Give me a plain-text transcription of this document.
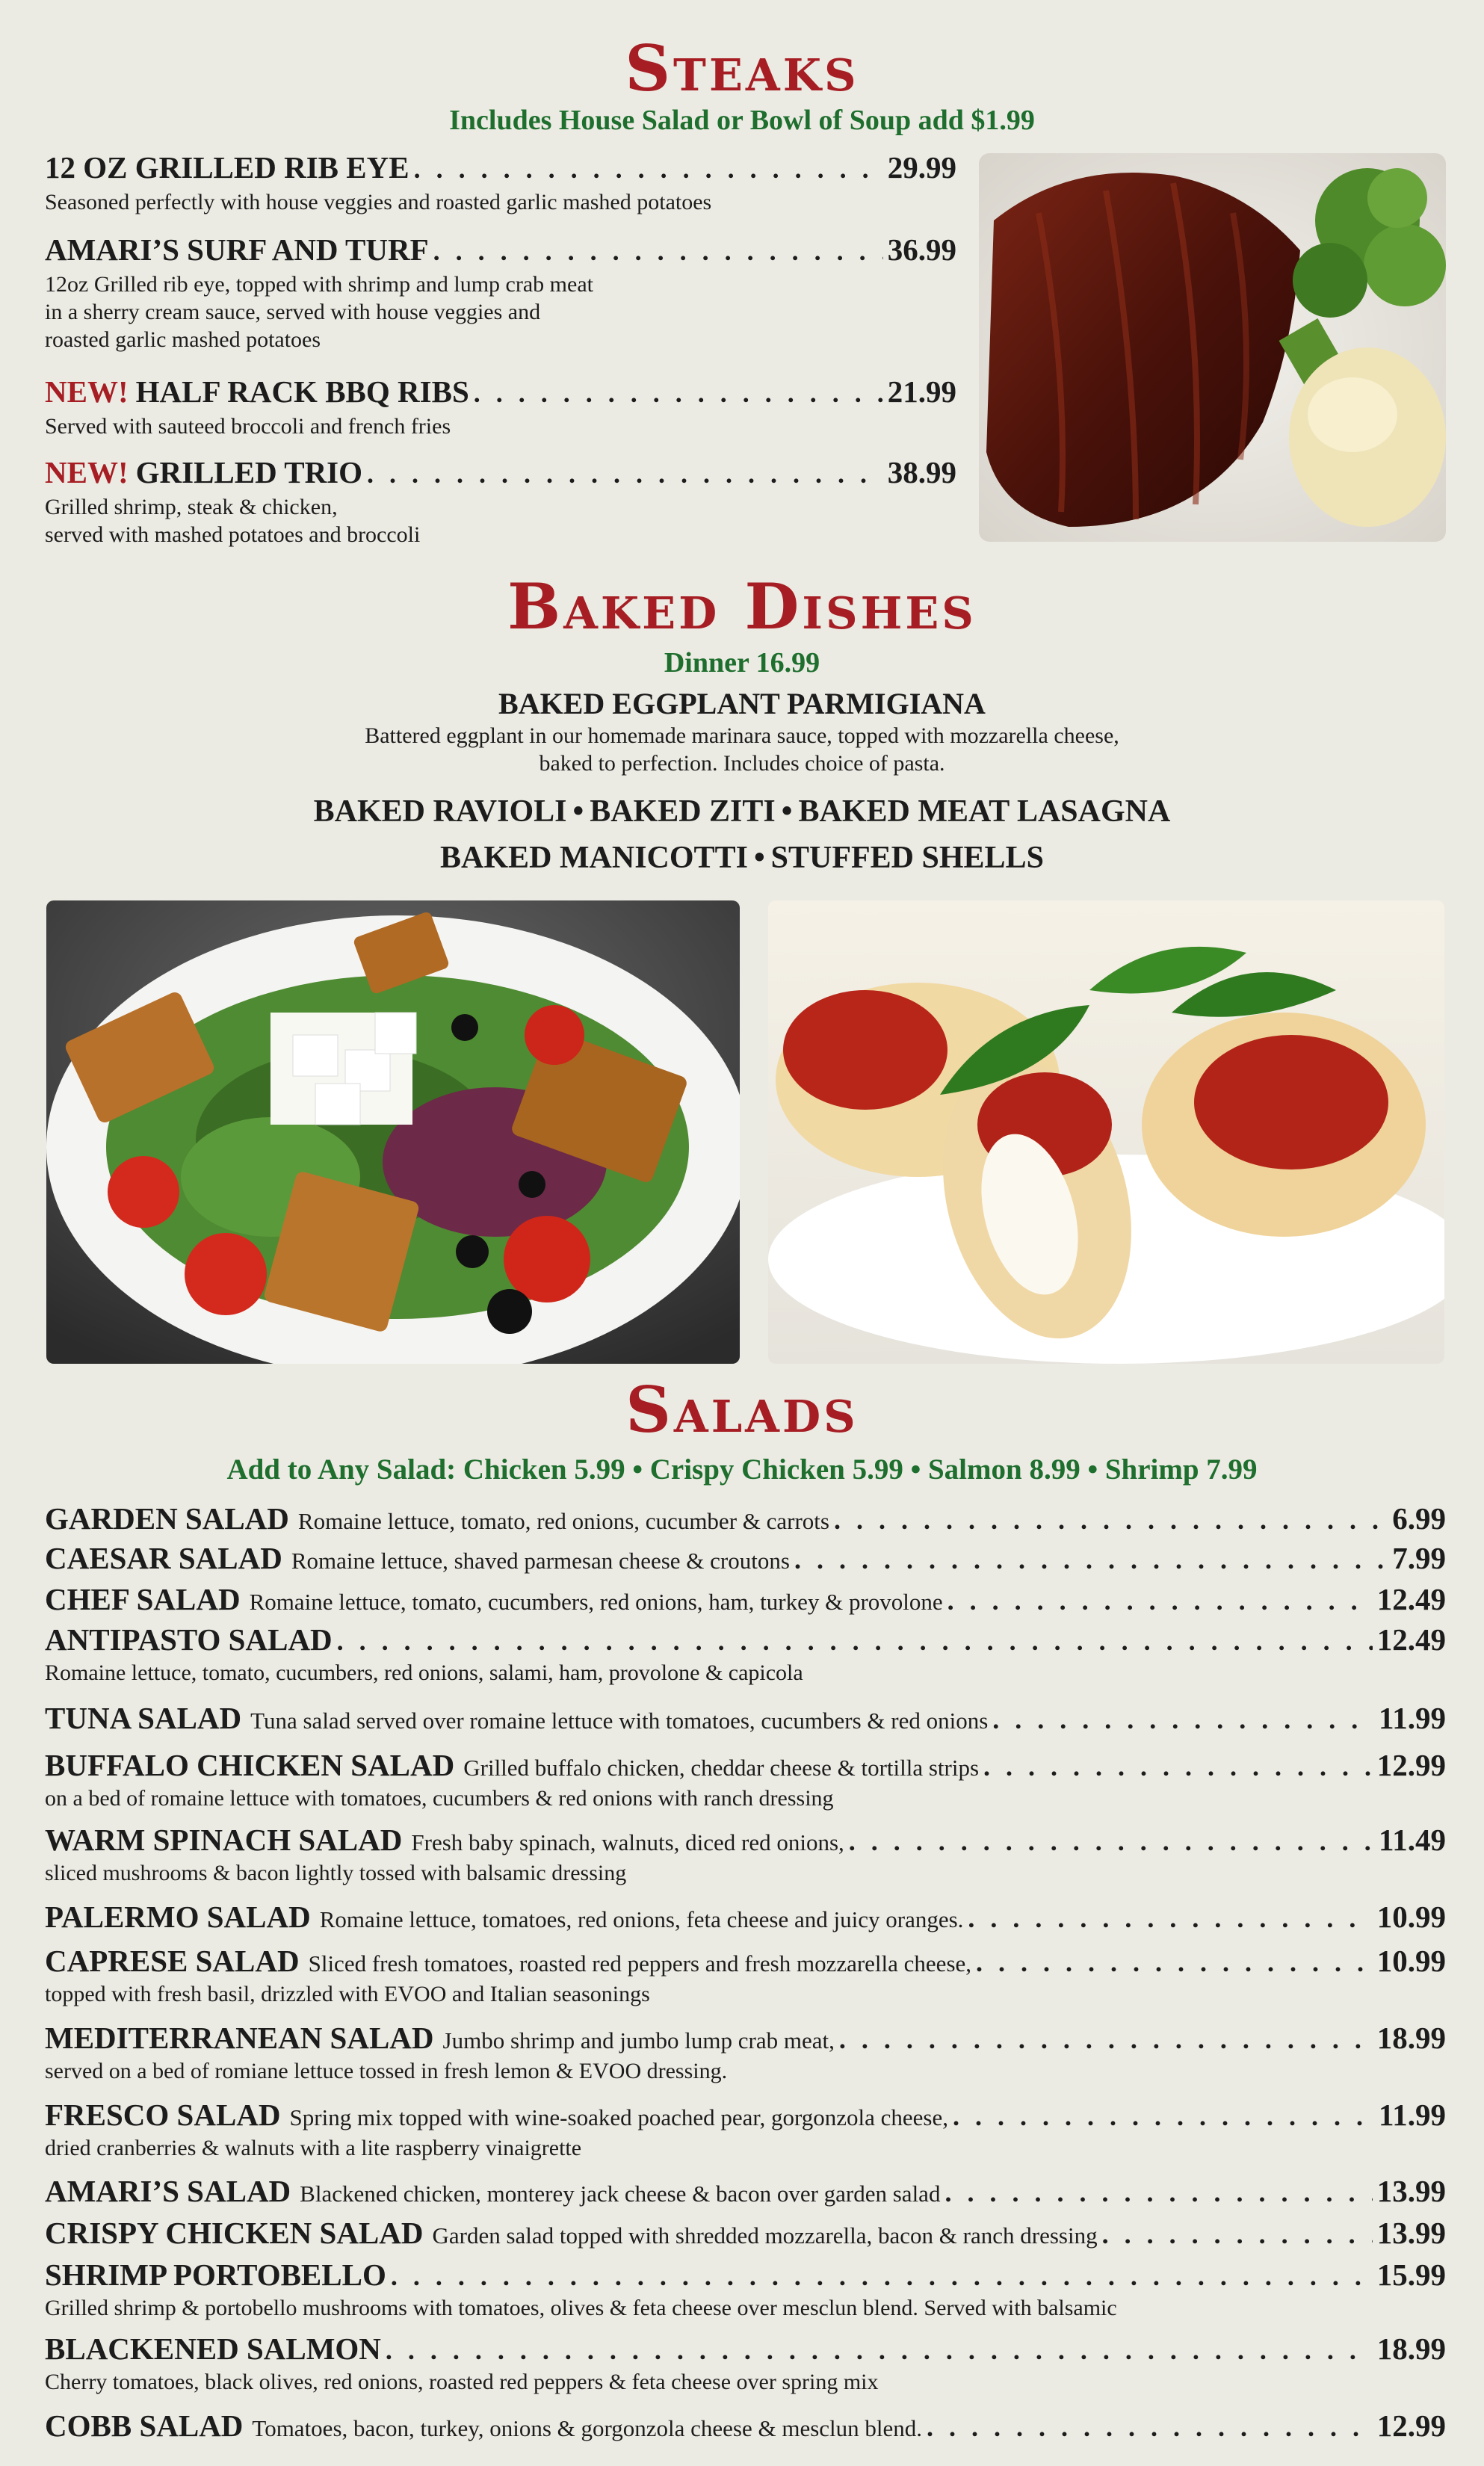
Steaks
Includes House Salad or Bowl of Soup add $1.99
12 OZ GRILLED RIB EYE . . .	29.99
Seasoned perfectly with house veggies and roasted garlic mashed potatoes
AMARI’S SURF AND TURF . . .	36.99
12oz Grilled rib eye, topped with shrimp and lump crab meat
in a sherry cream sauce, served with house veggies and
roasted garlic mashed potatoes
NEW! HALF RACK BBQ RIBS . . .	21.99
Served with sauteed broccoli and french fries
NEW! GRILLED TRIO . . .	38.99
Grilled shrimp, steak & chicken,
served with mashed potatoes and broccoli
Baked Dishes
Dinner 16.99
BAKED EGGPLANT PARMIGIANA
Battered eggplant in our homemade marinara sauce, topped with mozzarella cheese,
baked to perfection. Includes choice of pasta.
BAKED RAVIOLI • BAKED ZITI • BAKED MEAT LASAGNA
BAKED MANICOTTI • STUFFED SHELLS
Salads
Add to Any Salad: Chicken 5.99 • Crispy Chicken 5.99 • Salmon 8.99 • Shrimp 7.99
GARDEN SALAD Romaine lettuce, tomato, red onions, cucumber & carrots . . .	6.99
CAESAR SALAD Romaine lettuce, shaved parmesan cheese & croutons . . .	7.99
CHEF SALAD Romaine lettuce, tomato, cucumbers, red onions, ham, turkey & provolone . . .	12.49
ANTIPASTO SALAD . . .	12.49
Romaine lettuce, tomato, cucumbers, red onions, salami, ham, provolone & capicola
TUNA SALAD Tuna salad served over romaine lettuce with tomatoes, cucumbers & red onions . . .	11.99
BUFFALO CHICKEN SALAD Grilled buffalo chicken, cheddar cheese & tortilla strips . . .	12.99
on a bed of romaine lettuce with tomatoes, cucumbers & red onions with ranch dressing
WARM SPINACH SALAD Fresh baby spinach, walnuts, diced red onions, . . .	11.49
sliced mushrooms & bacon lightly tossed with balsamic dressing
PALERMO SALAD Romaine lettuce, tomatoes, red onions, feta cheese and juicy oranges. . . .	10.99
CAPRESE SALAD Sliced fresh tomatoes, roasted red peppers and fresh mozzarella cheese, . . .	10.99
topped with fresh basil, drizzled with EVOO and Italian seasonings
MEDITERRANEAN SALAD Jumbo shrimp and jumbo lump crab meat, . . .	18.99
served on a bed of romiane lettuce tossed in fresh lemon & EVOO dressing.
FRESCO SALAD Spring mix topped with wine-soaked poached pear, gorgonzola cheese, . . .	11.99
dried cranberries & walnuts with a lite raspberry vinaigrette
AMARI’S SALAD Blackened chicken, monterey jack cheese & bacon over garden salad . . .	13.99
CRISPY CHICKEN SALAD Garden salad topped with shredded mozzarella, bacon & ranch dressing . . .	13.99
SHRIMP PORTOBELLO . . .	15.99
Grilled shrimp & portobello mushrooms with tomatoes, olives & feta cheese over mesclun blend. Served with balsamic
BLACKENED SALMON . . .	18.99
Cherry tomatoes, black olives, red onions, roasted red peppers & feta cheese over spring mix
COBB SALAD Tomatoes, bacon, turkey, onions & gorgonzola cheese & mesclun blend. . . .	12.99
